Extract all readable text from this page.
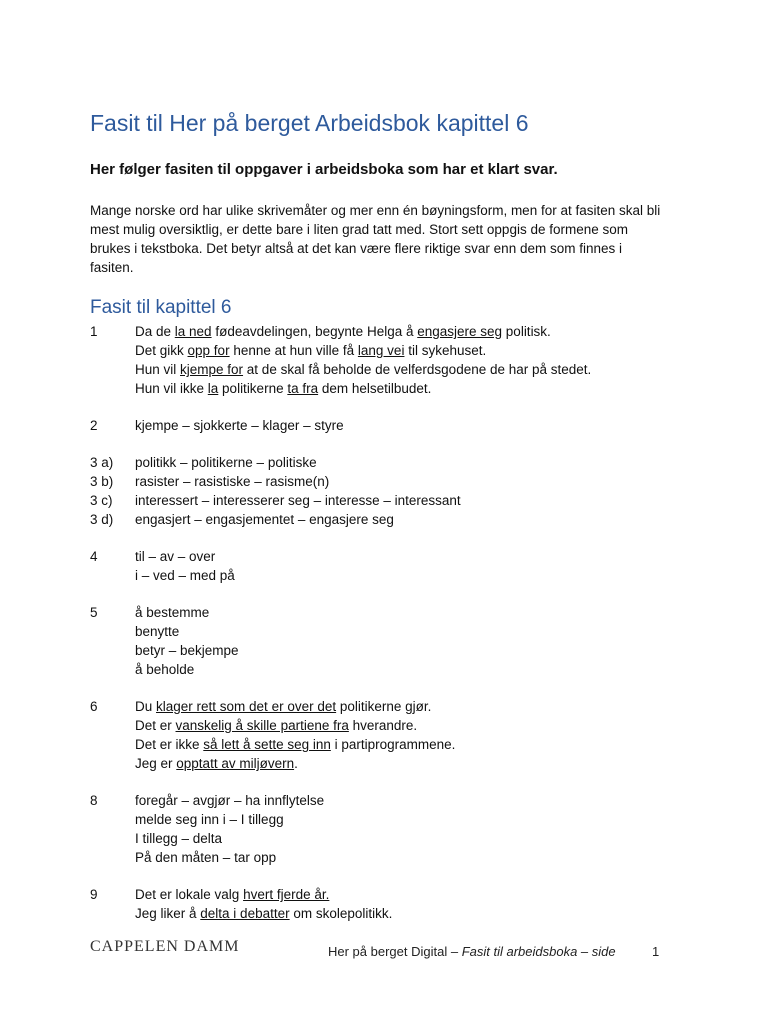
Fasit til Her på berget Arbeidsbok kapittel 6
Her følger fasiten til oppgaver i arbeidsboka som har et klart svar.
Mange norske ord har ulike skrivemåter og mer enn én bøyningsform, men for at fasiten skal bli
mest mulig oversiktlig, er dette bare i liten grad tatt med. Stort sett oppgis de formene som
brukes i tekstboka. Det betyr altså at det kan være flere riktige svar enn dem som finnes i
fasiten.
Fasit til kapittel 6
1	Da de la ned fødeavdelingen, begynte Helga å engasjere seg politisk.
Det gikk opp for henne at hun ville få lang vei til sykehuset.
Hun vil kjempe for at de skal få beholde de velferdsgodene de har på stedet.
Hun vil ikke la politikerne ta fra dem helsetilbudet.
2	kjempe – sjokkerte – klager – styre
3 a) politikk – politikerne – politiske
3 b) rasister – rasistiske – rasisme(n)
3 c) interessert – interesserer seg – interesse – interessant
3 d) engasjert – engasjementet – engasjere seg
4	til – av – over
i – ved – med på
5	å bestemme
benytte
betyr – bekjempe
å beholde
6	Du klager rett som det er over det politikerne gjør.
Det er vanskelig å skille partiene fra hverandre.
Det er ikke så lett å sette seg inn i partiprogrammene.
Jeg er opptatt av miljøvern.
8	foregår – avgjør – ha innflytelse
melde seg inn i – I tillegg
I tillegg – delta
På den måten – tar opp
9	Det er lokale valg hvert fjerde år.
Jeg liker å delta i debatter om skolepolitikk.
CAPPELEN DAMM	Her på berget Digital – Fasit til arbeidsboka – side	1
